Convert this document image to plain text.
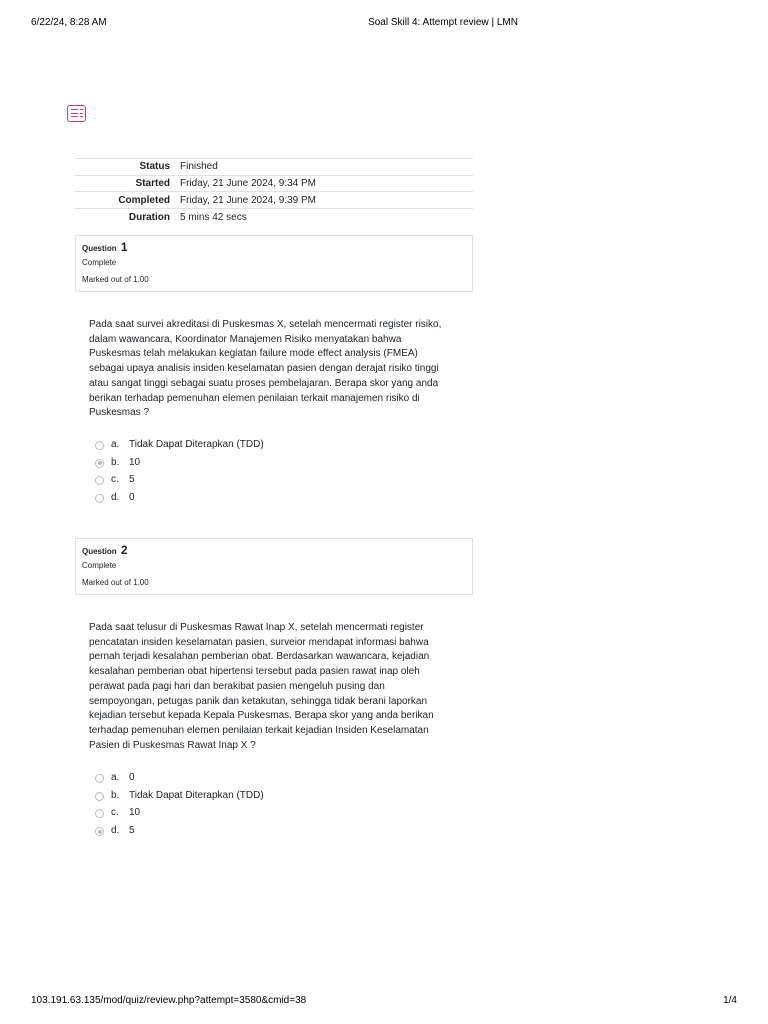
6/22/24, 8:28 AM	Soal Skill 4: Attempt review | LMN
Status	Finished
Started	Friday, 21 June 2024, 9:34 PM
Completed	Friday, 21 June 2024, 9:39 PM
Duration	5 mins 42 secs
Question 1
Complete
Marked out of 1.00
Pada saat survei akreditasi di Puskesmas X, setelah mencermati register risiko,
dalam wawancara, Koordinator Manajemen Risiko menyatakan bahwa
Puskesmas telah melakukan kegiatan failure mode effect analysis (FMEA)
sebagai upaya analisis insiden keselamatan pasien dengan derajat risiko tinggi
atau sangat tinggi sebagai suatu proses pembelajaran. Berapa skor yang anda
berikan terhadap pemenuhan elemen penilaian terkait manajemen risiko di
Puskesmas ?
a. Tidak Dapat Diterapkan (TDD)
b. 10
c. 5
d. 0
Question 2
Complete
Marked out of 1.00
Pada saat telusur di Puskesmas Rawat Inap X, setelah mencermati register
pencatatan insiden keselamatan pasien, surveior mendapat informasi bahwa
pernah terjadi kesalahan pemberian obat. Berdasarkan wawancara, kejadian
kesalahan pemberian obat hipertensi tersebut pada pasien rawat inap oleh
perawat pada pagi hari dan berakibat pasien mengeluh pusing dan
sempoyongan, petugas panik dan ketakutan, sehingga tidak berani laporkan
kejadian tersebut kepada Kepala Puskesmas. Berapa skor yang anda berikan
terhadap pemenuhan elemen penilaian terkait kejadian Insiden Keselamatan
Pasien di Puskesmas Rawat Inap X ?
a. 0
b. Tidak Dapat Diterapkan (TDD)
c. 10
d. 5
103.191.63.135/mod/quiz/review.php?attempt=3580&cmid=38	1/4
